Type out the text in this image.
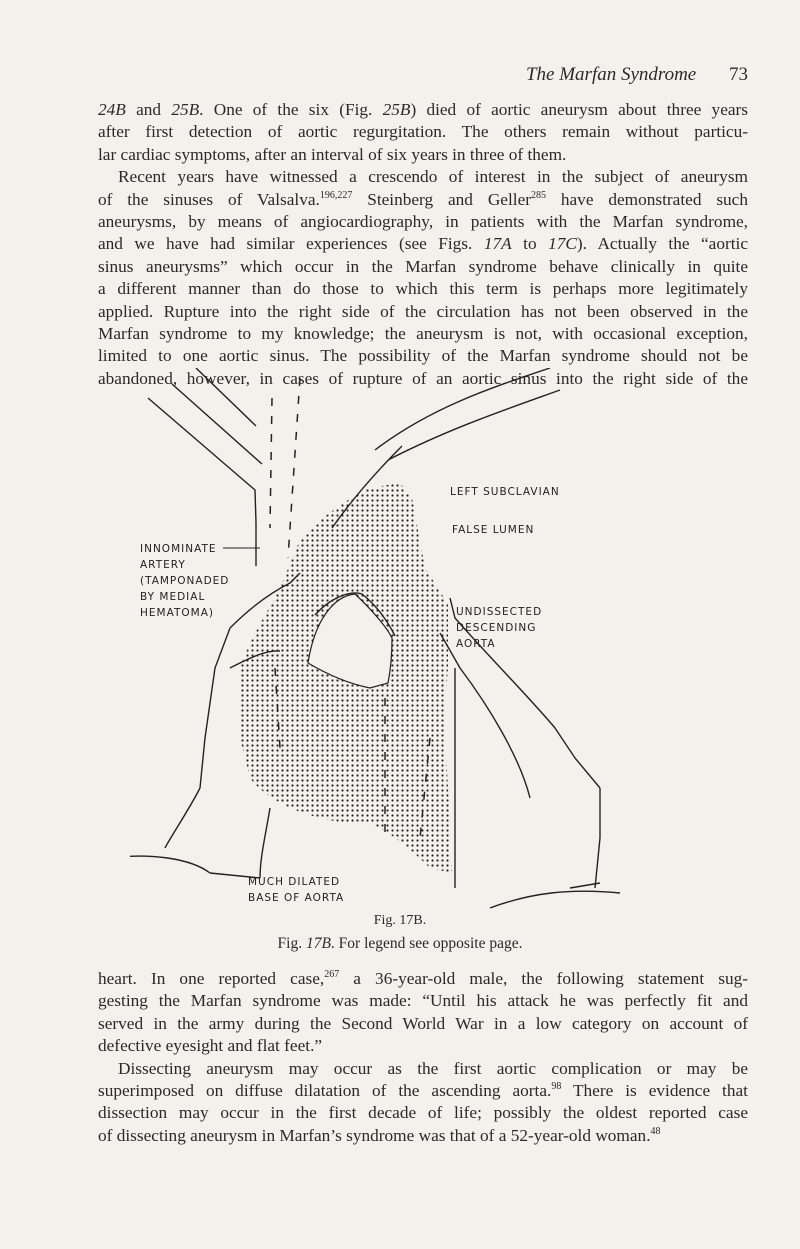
The Marfan Syndrome 73
24B and 25B. One of the six (Fig. 25B) died of aortic aneurysm about three years
after first detection of aortic regurgitation. The others remain without particu-
lar cardiac symptoms, after an interval of six years in three of them.
Recent years have witnessed a crescendo of interest in the subject of aneurysm
of the sinuses of Valsalva.$^{196,227}$ Steinberg and Geller$^{285}$ have demonstrated such
aneurysms, by means of angiocardiography, in patients with the Marfan syndrome,
and we have had similar experiences (see Figs. 17A to 17C). Actually the “aortic
sinus aneurysms” which occur in the Marfan syndrome behave clinically in quite
a different manner than do those to which this term is perhaps more legitimately
applied. Rupture into the right side of the circulation has not been observed in the
Marfan syndrome to my knowledge; the aneurysm is not, with occasional exception,
limited to one aortic sinus. The possibility of the Marfan syndrome should not be
abandoned, however, in cases of rupture of an aortic sinus into the right side of the
LEFT SUBCLAVIAN
FALSE LUMEN
INNOMINATE
ARTERY
(TAMPONADED
BY MEDIAL
HEMATOMA)	UNDISSECTED
DESCENDING
AORTA
MUCH DILATED
BASE OF AORTA
Fig. 17B.
Fig. 17B. For legend see opposite page.
heart. In one reported case,$^{267}$ a 36-year-old male, the following statement sug-
gesting the Marfan syndrome was made: “Until his attack he was perfectly fit and
served in the army during the Second World War in a low category on account of
defective eyesight and flat feet.”
Dissecting aneurysm may occur as the first aortic complication or may be
superimposed on diffuse dilatation of the ascending aorta.$^{98}$ There is evidence that
dissection may occur in the first decade of life; possibly the oldest reported case
of dissecting aneurysm in Marfan’s syndrome was that of a 52-year-old woman.$^{48}$
